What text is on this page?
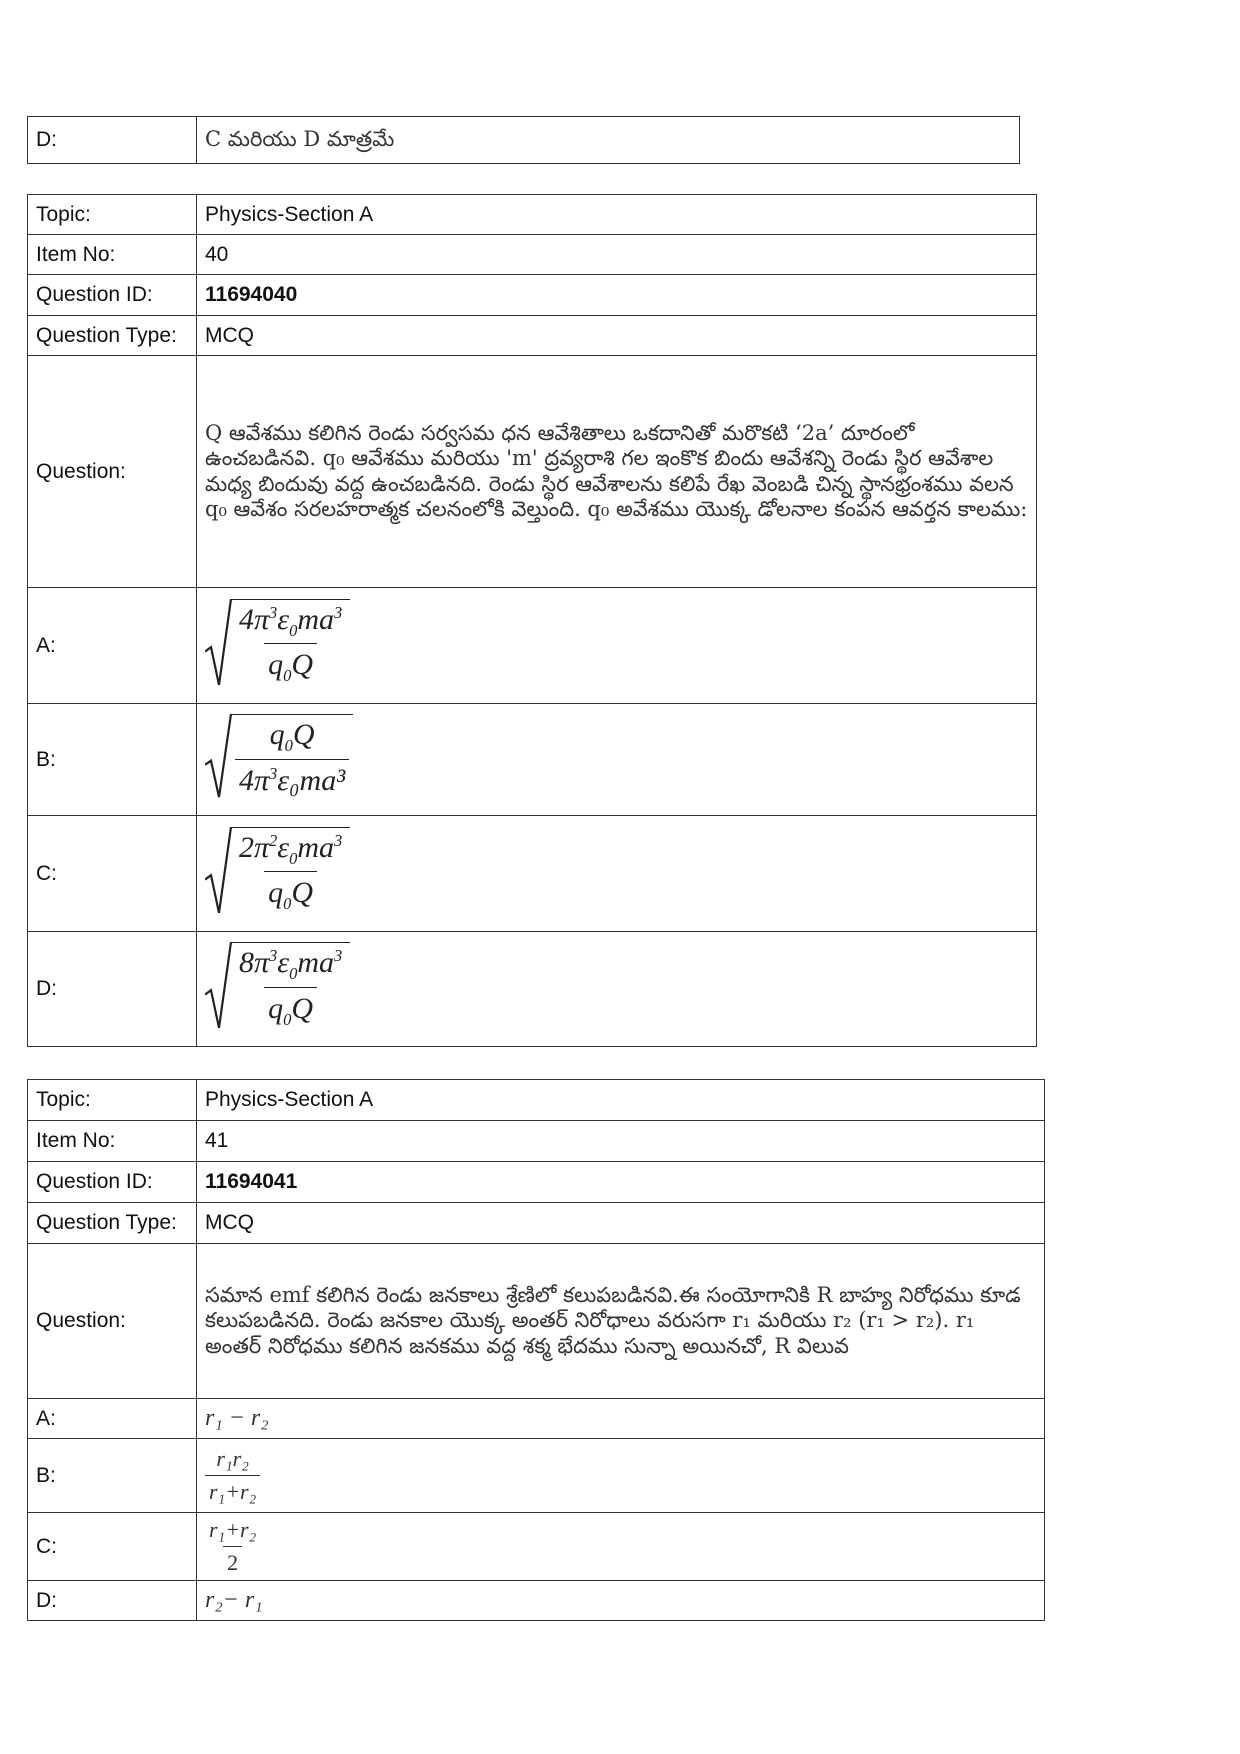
D:	C మరియు D మాత్రమే
Topic:	Physics-Section A
Item No:	40
Question ID:	11694040
Question Type:	MCQ
Question:	Q ఆవేశము కలిగిన రెండు సర్వసమ ధన ఆవేశితాలు ఒకదానితో మరొకటి ‘2a’ దూరంలో ఉంచబడినవి. q₀ ఆవేశము మరియు 'm' ద్రవ్యరాశి గల ఇంకొక బిందు ఆవేశన్ని రెండు స్థిర ఆవేశాల మధ్య బిందువు వద్ద ఉంచబడినది. రెండు స్థిర ఆవేశాలను కలిపే రేఖ వెంబడి చిన్న స్థానభ్రంశము వలన q₀ ఆవేశం సరలహరాత్మక చలనంలోకి వెల్తుంది. q₀ అవేశము యొక్క డోలనాల కంపన ఆవర్తన కాలము:
A:	$\frac{4\pi^3\varepsilon_0ma^3}{q_0Q}$

B:	$\frac{q_0Q}{4\pi^3\varepsilon_0ma^3}$

C:	$\frac{2\pi^2\varepsilon_0ma^3}{q_0Q}$

D:	$\frac{8\pi^3\varepsilon_0ma^3}{q_0Q}$
Topic:	Physics-Section A
Item No:	41
Question ID:	11694041
Question Type:	MCQ
Question:	సమాన emf కలిగిన రెండు జనకాలు శ్రేణిలో కలుపబడినవి.ఈ సంయోగానికి R బాహ్య నిరోధము కూడ కలుపబడినది. రెండు జనకాల యొక్క అంతర్ నిరోధాలు వరుసగా r₁ మరియు r₂ (r₁ > r₂). r₁ అంతర్ నిరోధము కలిగిన జనకము వద్ద శక్మ భేదము సున్నా అయినచో, R విలువ
A:	r₁ − r₂
B:	$\frac{\text{r₁r₂}}{\text{r₁+r₂}}$

C:	$\frac{\text{r₁+r₂}}{2}$

D:	r₂− r₁
